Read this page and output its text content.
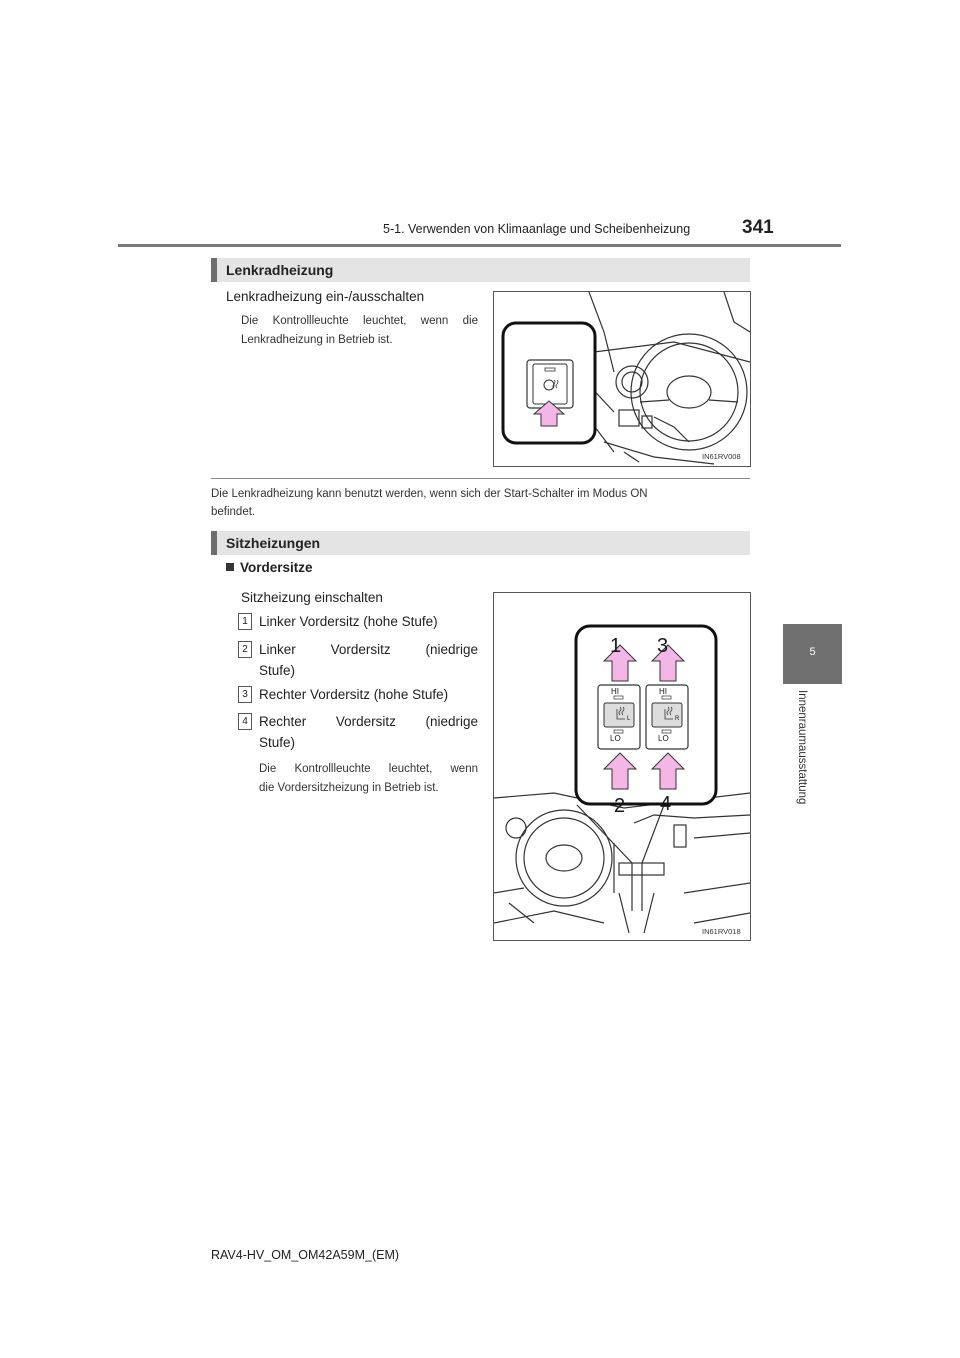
5-1. Verwenden von Klimaanlage und Scheibenheizung	341
5
Innenraumausstattung
Lenkradheizung
Lenkradheizung ein-/ausschalten
Die Kontrollleuchte leuchtet, wenn die
Lenkradheizung in Betrieb ist.
IN61RV008
Die Lenkradheizung kann benutzt werden, wenn sich der Start-Schalter im Modus ON
befindet.
Sitzheizungen
Vordersitze
Sitzheizung einschalten
1 Linker Vordersitz (hohe Stufe)
2 Linker Vordersitz (niedrige
Stufe)
3 Rechter Vordersitz (hohe Stufe)
4 Rechter Vordersitz (niedrige
Stufe)
Die Kontrollleuchte leuchtet, wenn
die Vordersitzheizung in Betrieb ist.
HI	HI
LO	LO
L	R
1 3
2 4
IN61RV018
RAV4-HV_OM_OM42A59M_(EM)
